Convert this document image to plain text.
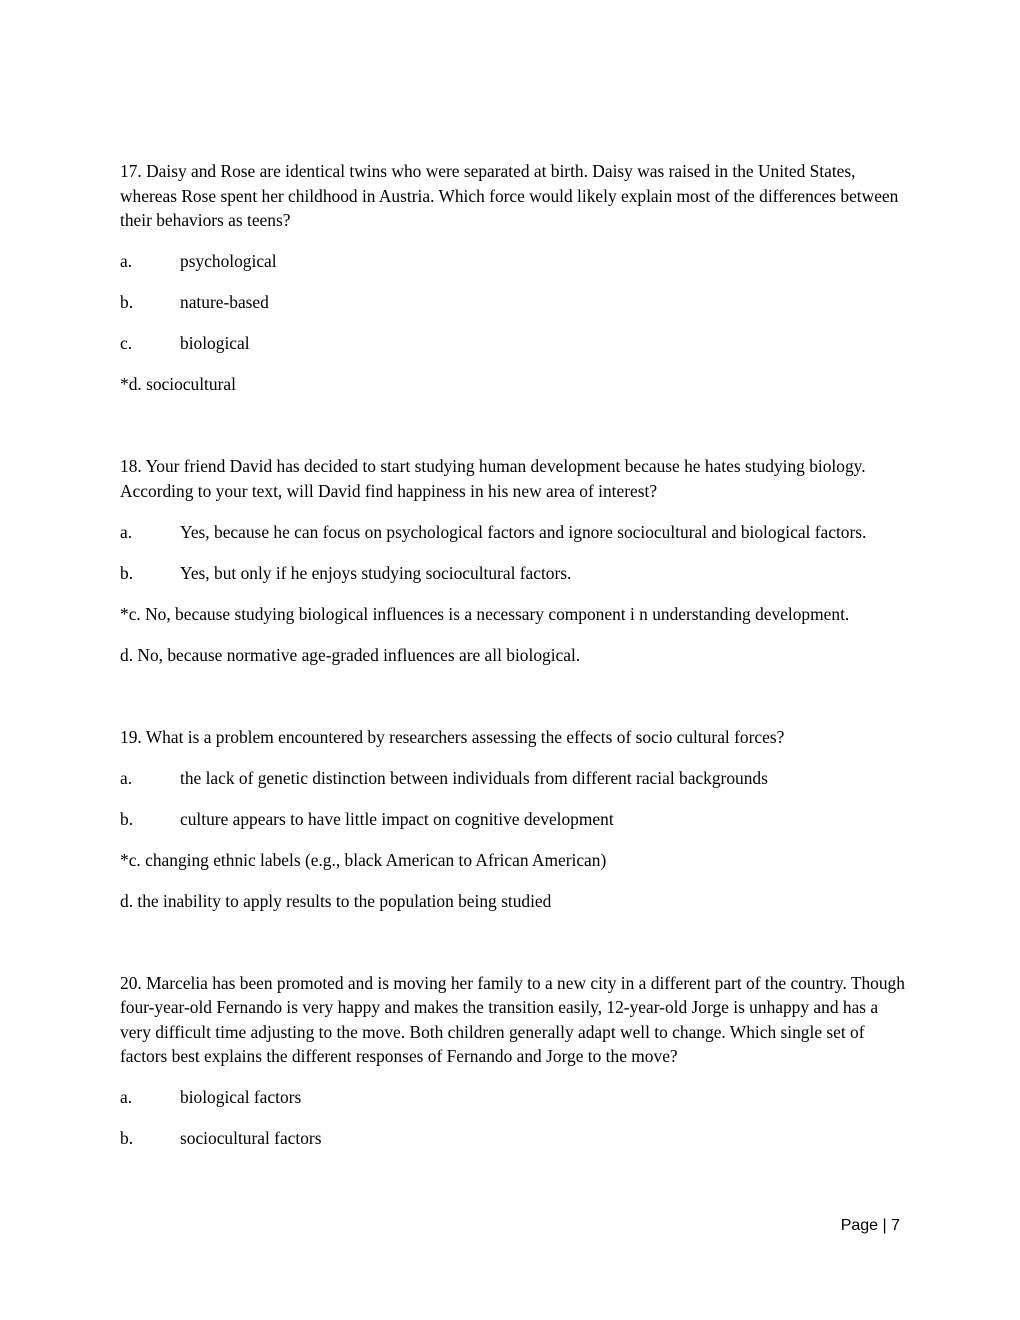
17. Daisy and Rose are identical twins who were separated at birth. Daisy was raised in the United States, whereas Rose spent her childhood in Austria. Which force would likely explain most of the differences between their behaviors as teens?

a.	psychological
b.	nature-based
c.	biological
*d. sociocultural

18. Your friend David has decided to start studying human development because he hates studying biology. According to your text, will David find happiness in his new area of interest?

a.	Yes, because he can focus on psychological factors and ignore sociocultural and biological factors.
b.	Yes, but only if he enjoys studying sociocultural factors.
*c. No, because studying biological influences is a necessary component i n understanding development.
d. No, because normative age-graded influences are all biological.

19. What is a problem encountered by researchers assessing the effects of socio cultural forces?

a.	the lack of genetic distinction between individuals from different racial backgrounds
b.	culture appears to have little impact on cognitive development
*c. changing ethnic labels (e.g., black American to African American)
d. the inability to apply results to the population being studied

20. Marcelia has been promoted and is moving her family to a new city in a different part of the country. Though four-year-old Fernando is very happy and makes the transition easily, 12-year-old Jorge is unhappy and has a very difficult time adjusting to the move. Both children generally adapt well to change. Which single set of factors best explains the different responses of Fernando and Jorge to the move?

a.	biological factors
b.	sociocultural factors
Page | 7
